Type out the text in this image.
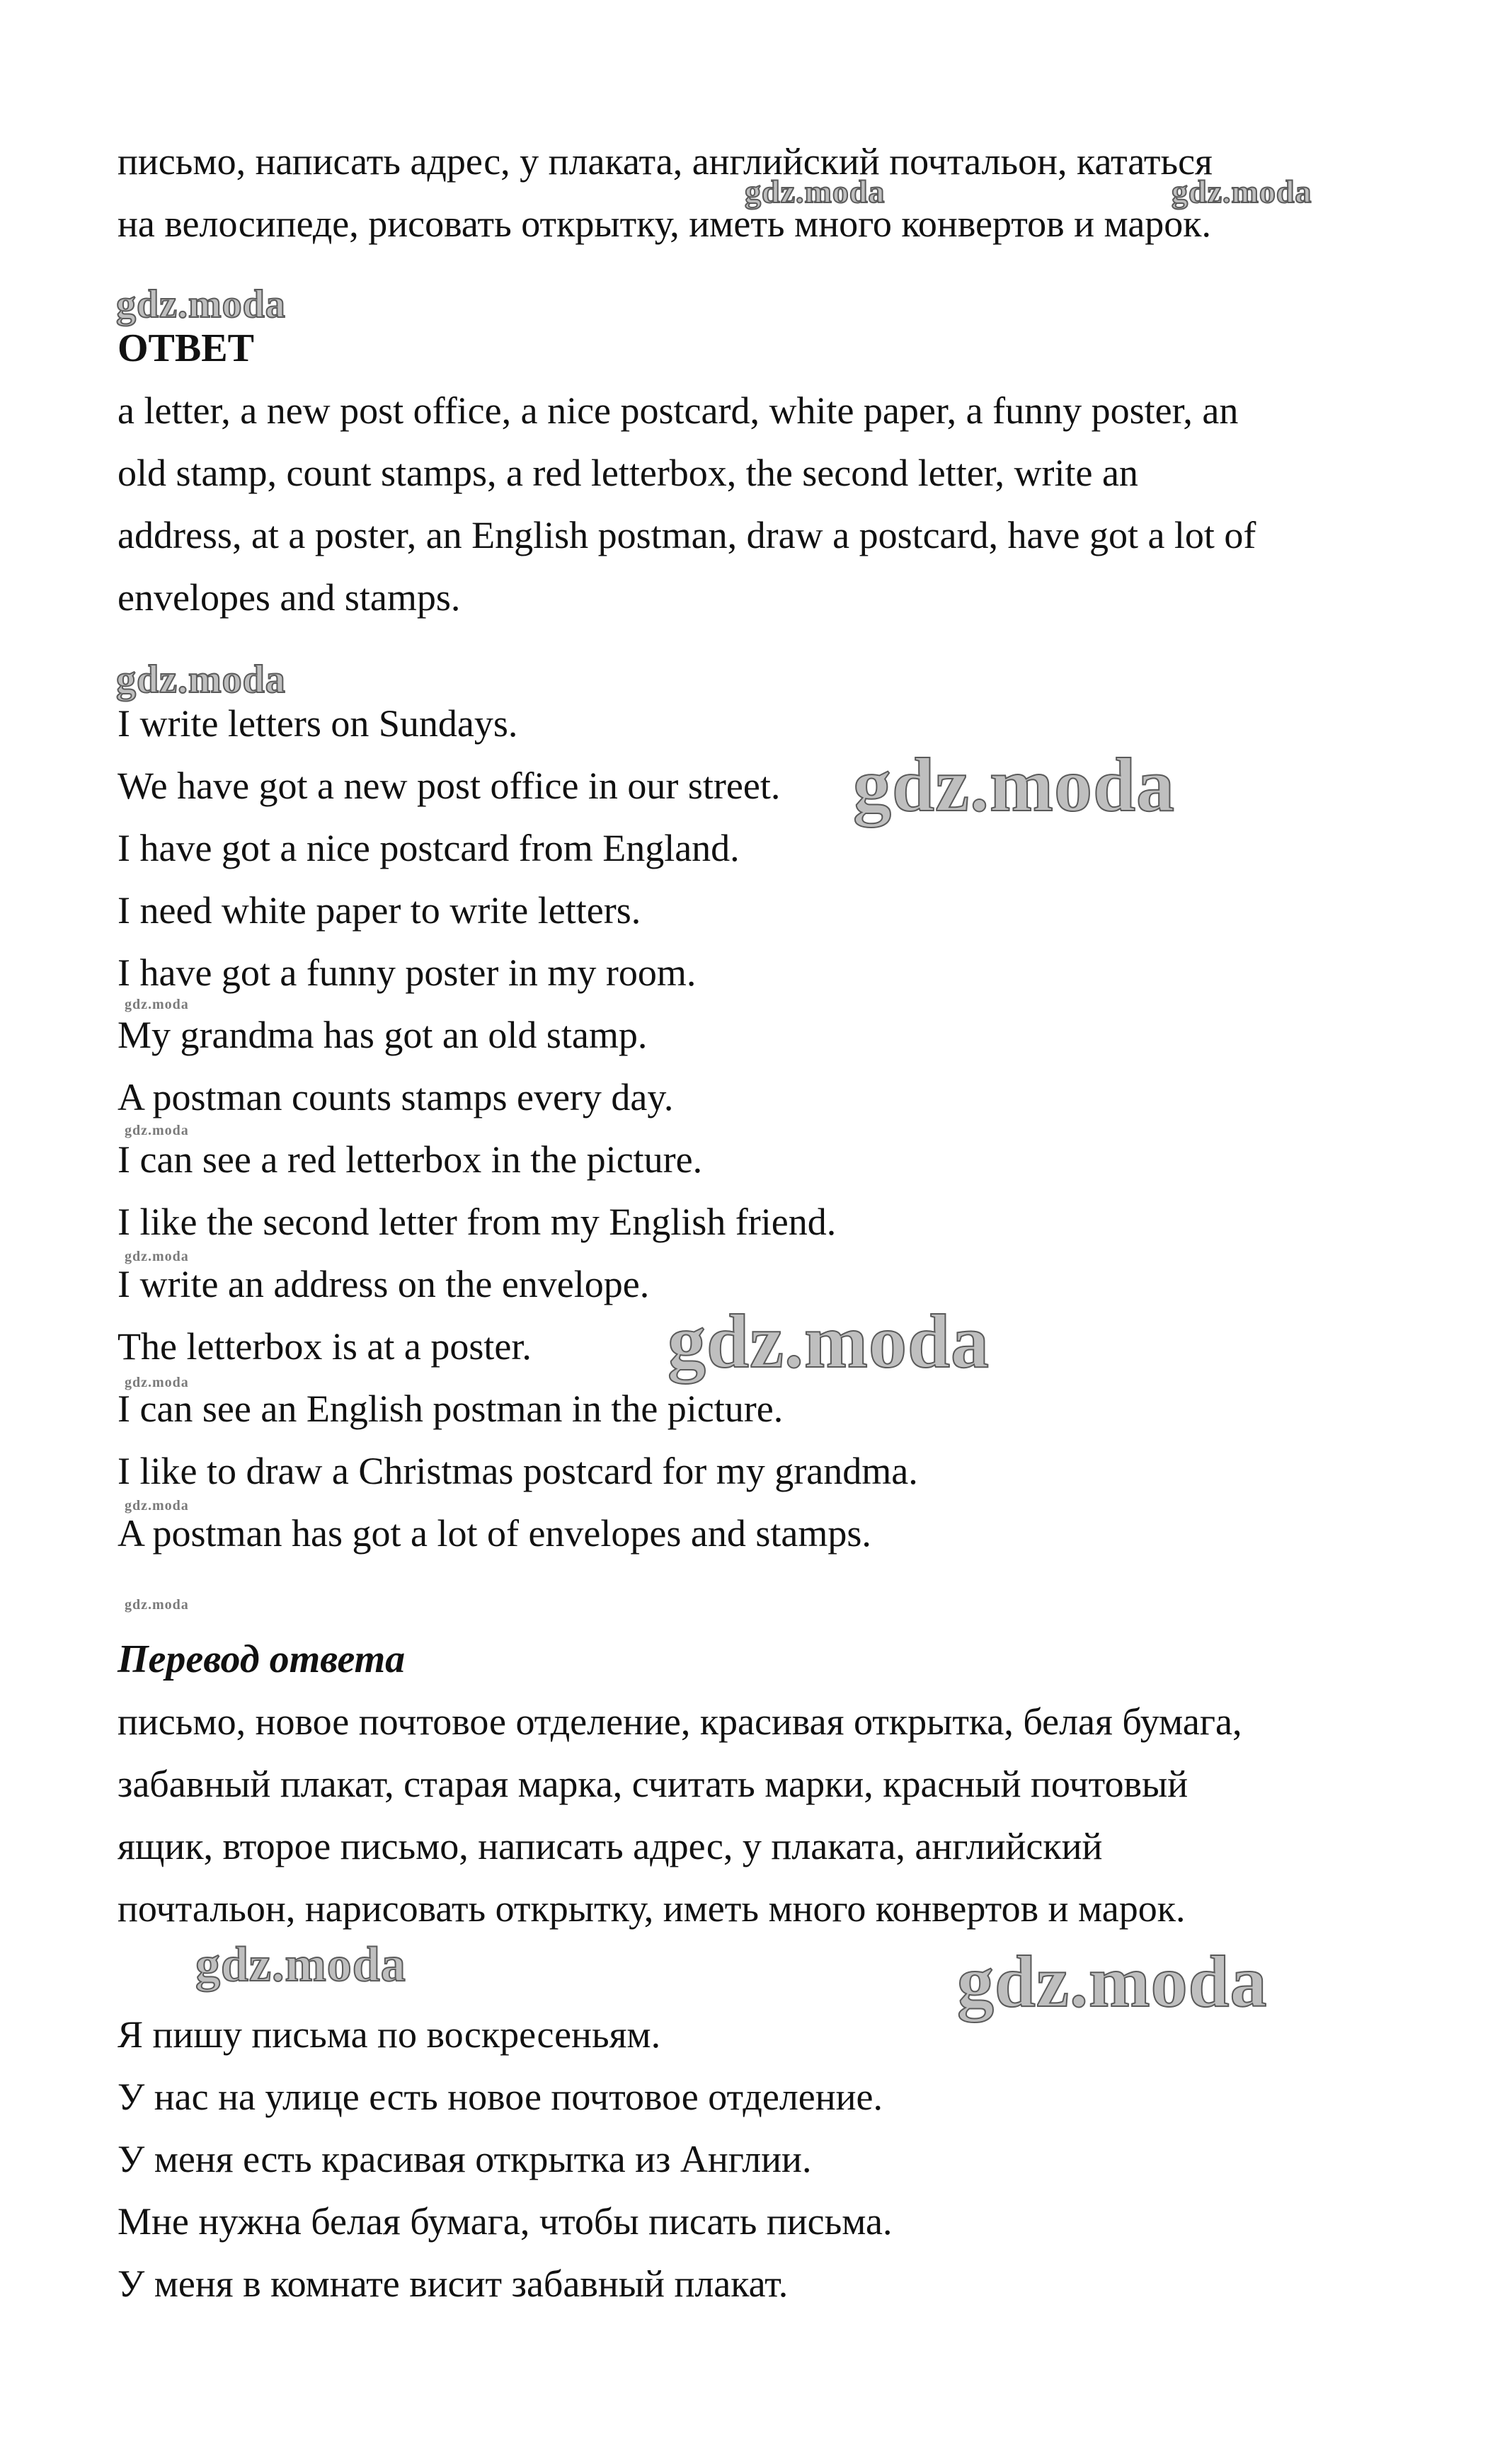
письмо, написать адрес, у плаката, английский почтальон, кататься
на велосипеде, рисовать открытку, иметь много конвертов и марок.
ОТВЕТ
a letter, a new post office, a nice postcard, white paper, a funny poster, an
old stamp, count stamps, a red letterbox, the second letter, write an
address, at a poster, an English postman, draw a postcard, have got a lot of
envelopes and stamps.
I write letters on Sundays.
We have got a new post office in our street.
I have got a nice postcard from England.
I need white paper to write letters.
I have got a funny poster in my room.
My grandma has got an old stamp.
A postman counts stamps every day.
I can see a red letterbox in the picture.
I like the second letter from my English friend.
I write an address on the envelope.
The letterbox is at a poster.
I can see an English postman in the picture.
I like to draw a Christmas postcard for my grandma.
A postman has got a lot of envelopes and stamps.
Перевод ответа
письмо, новое почтовое отделение, красивая открытка, белая бумага,
забавный плакат, старая марка, считать марки, красный почтовый
ящик, второе письмо, написать адрес, у плаката, английский
почтальон, нарисовать открытку, иметь много конвертов и марок.
Я пишу письма по воскресеньям.
У нас на улице есть новое почтовое отделение.
У меня есть красивая открытка из Англии.
Мне нужна белая бумага, чтобы писать письма.
У меня в комнате висит забавный плакат.
gdz.moda	gdz.moda
gdz.moda
gdz.moda
gdz.moda
gdz.moda
gdz.moda
gdz.moda
gdz.moda
gdz.moda
gdz.moda
gdz.moda
gdz.moda	gdz.moda
